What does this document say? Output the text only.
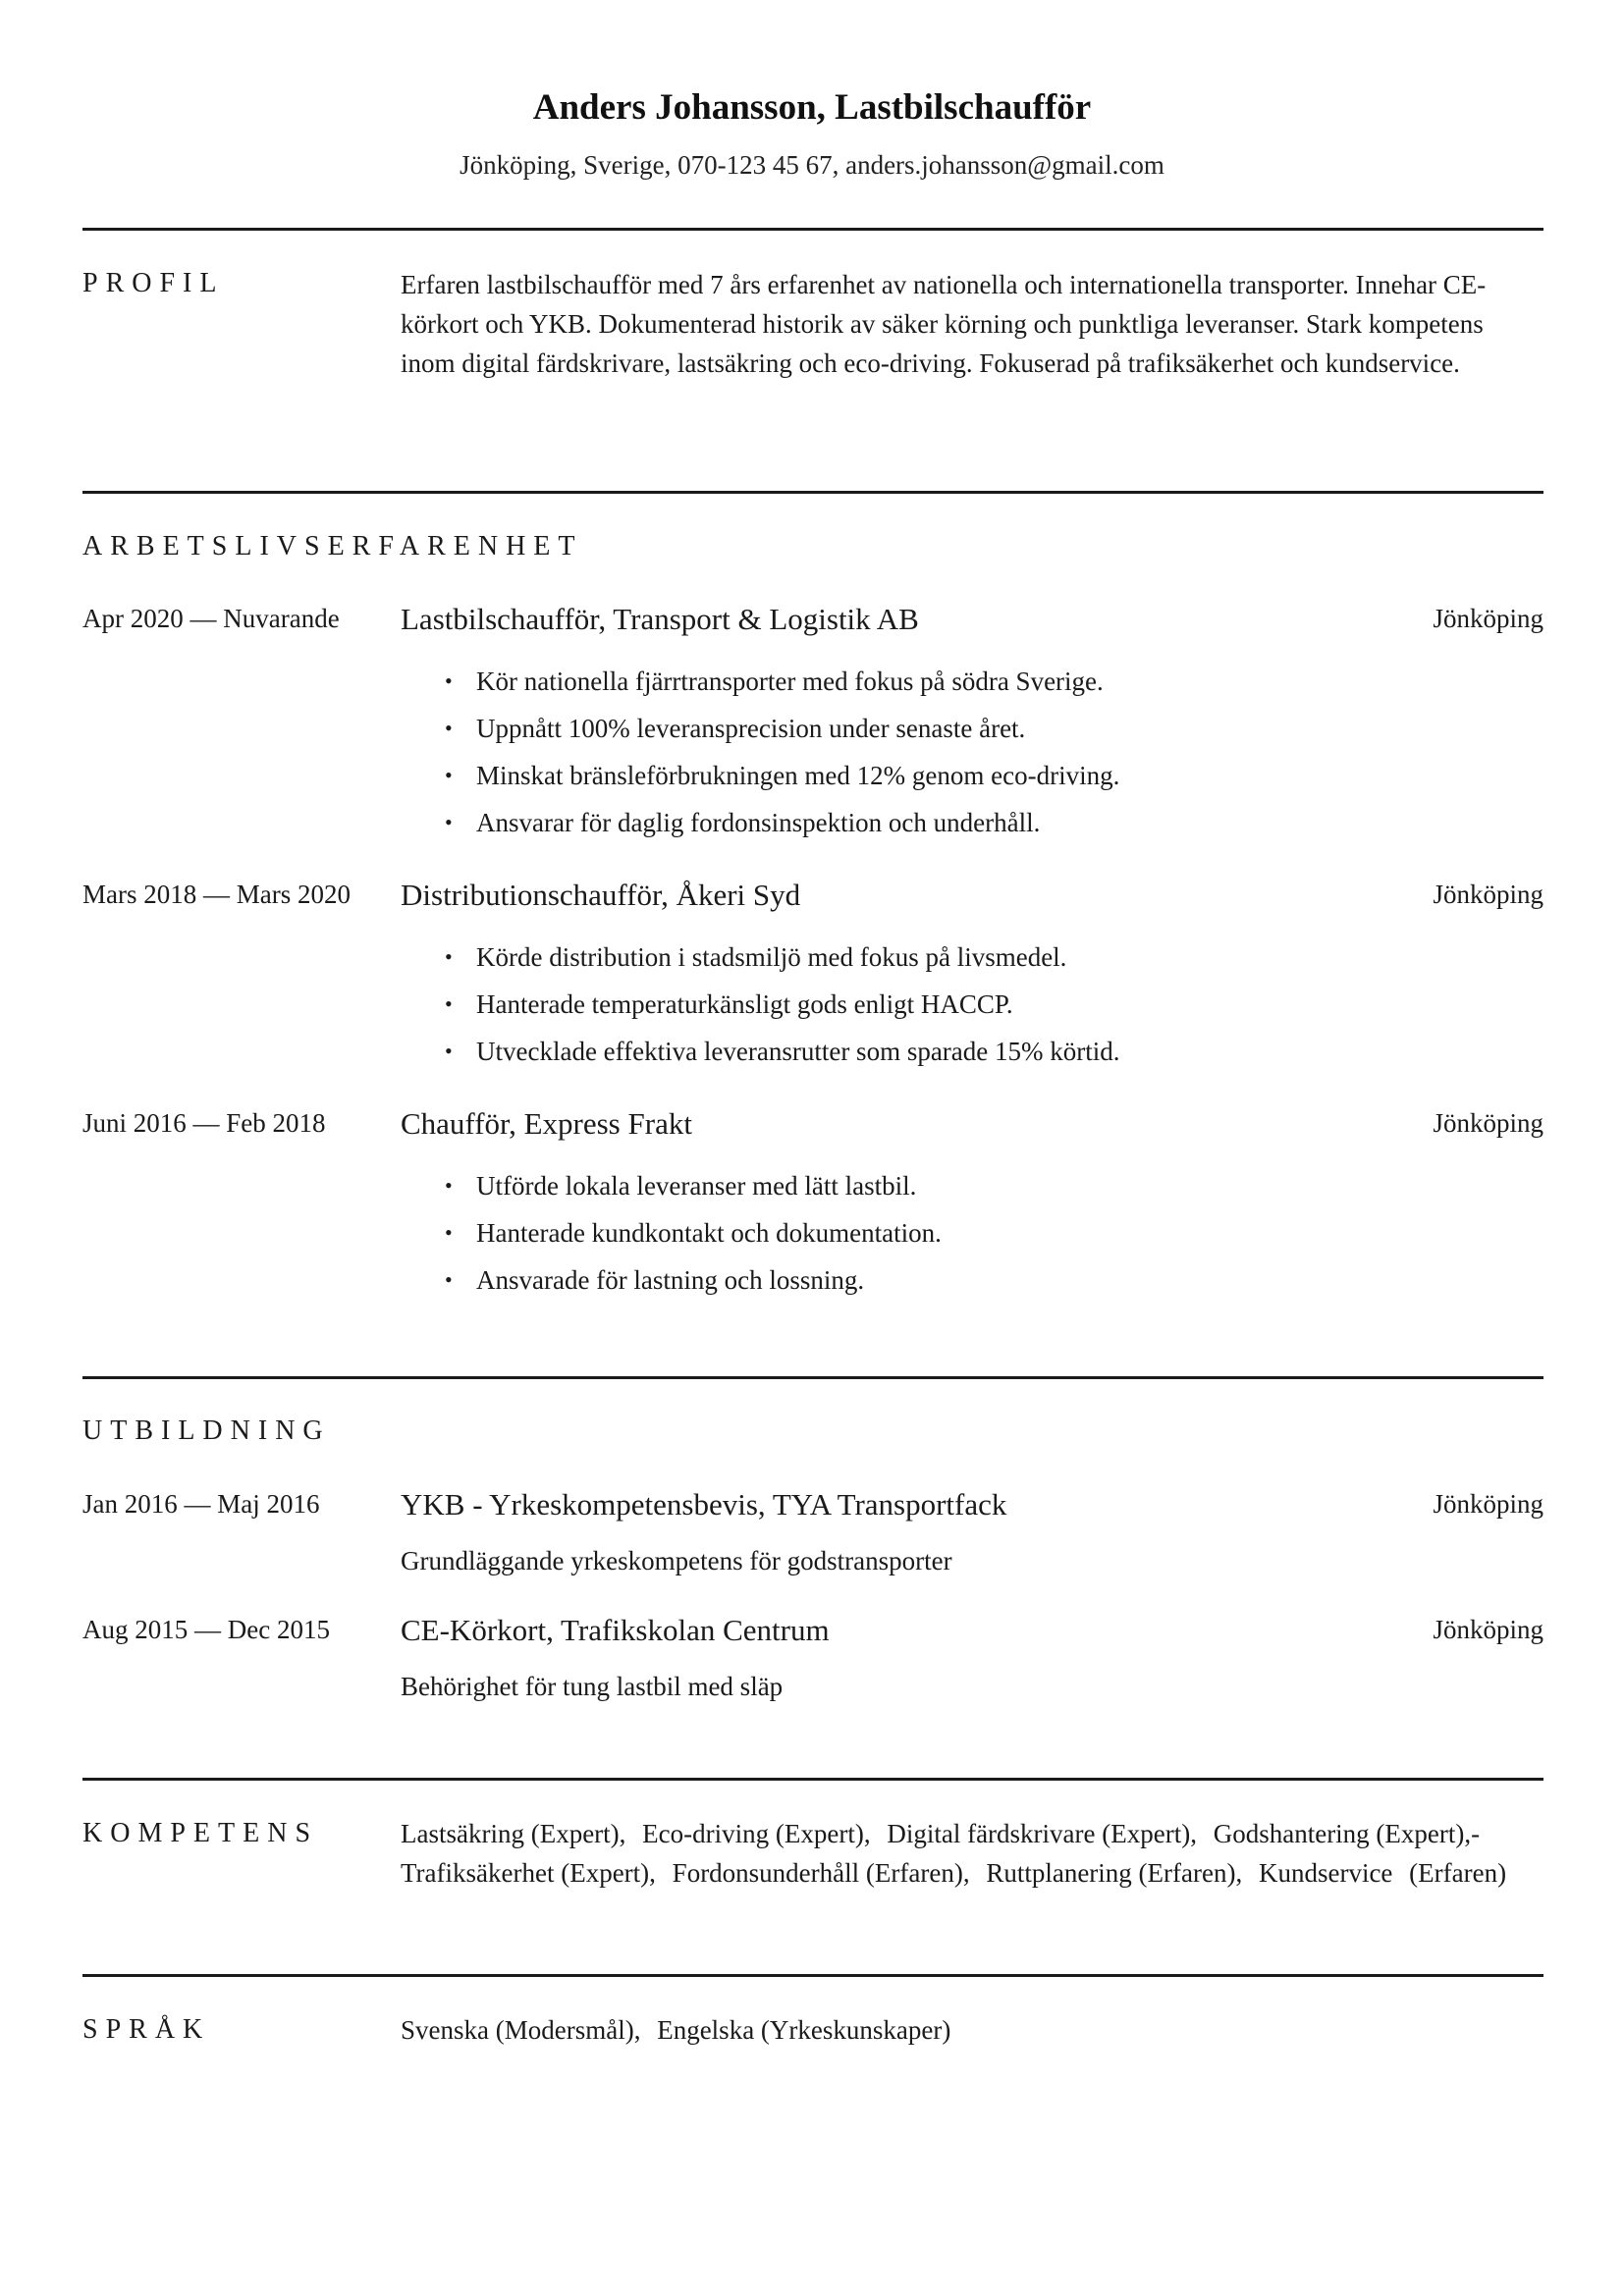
Anders Johansson, Lastbilschaufför
Jönköping, Sverige, 070-123 45 67, anders.johansson@gmail.com
PROFIL	Erfaren lastbilschaufför med 7 års erfarenhet av nationella och internationella transporter. Innehar CE-körkort och YKB. Dokumenterad historik av säker körning och punktliga leveranser. Stark kompetens inom digital färdskrivare, lastsäkring och eco-driving. Fokuserad på trafiksäkerhet och kundservice.
ARBETSLIVSERFARENHET
Apr 2020 — Nuvarande Lastbilschaufför, Transport & Logistik AB	Jönköping
• Kör nationella fjärrtransporter med fokus på södra Sverige.
• Uppnått 100% leveransprecision under senaste året.
• Minskat bränsleförbrukningen med 12% genom eco-driving.
• Ansvarar för daglig fordonsinspektion och underhåll.
Mars 2018 — Mars 2020 Distributionschaufför, Åkeri Syd	Jönköping
• Körde distribution i stadsmiljö med fokus på livsmedel.
• Hanterade temperaturkänsligt gods enligt HACCP.
• Utvecklade effektiva leveransrutter som sparade 15% körtid.
Juni 2016 — Feb 2018 Chaufför, Express Frakt	Jönköping
• Utförde lokala leveranser med lätt lastbil.
• Hanterade kundkontakt och dokumentation.
• Ansvarade för lastning och lossning.
UTBILDNING
Jan 2016 — Maj 2016	YKB - Yrkeskompetensbevis, TYA Transportfack	Jönköping
Grundläggande yrkeskompetens för godstransporter
Aug 2015 — Dec 2015 CE-Körkort, Trafikskolan Centrum	Jönköping
Behörighet för tung lastbil med släp
KOMPETENS	Lastsäkring (Expert), Eco-driving (Expert), Digital färdskrivare (Expert), Godshantering (Expert),- Trafiksäkerhet (Expert), Fordonsunderhåll (Erfaren), Ruttplanering (Erfaren), Kundservice (Erfaren)
SPRÅK	Svenska (Modersmål), Engelska (Yrkeskunskaper)
